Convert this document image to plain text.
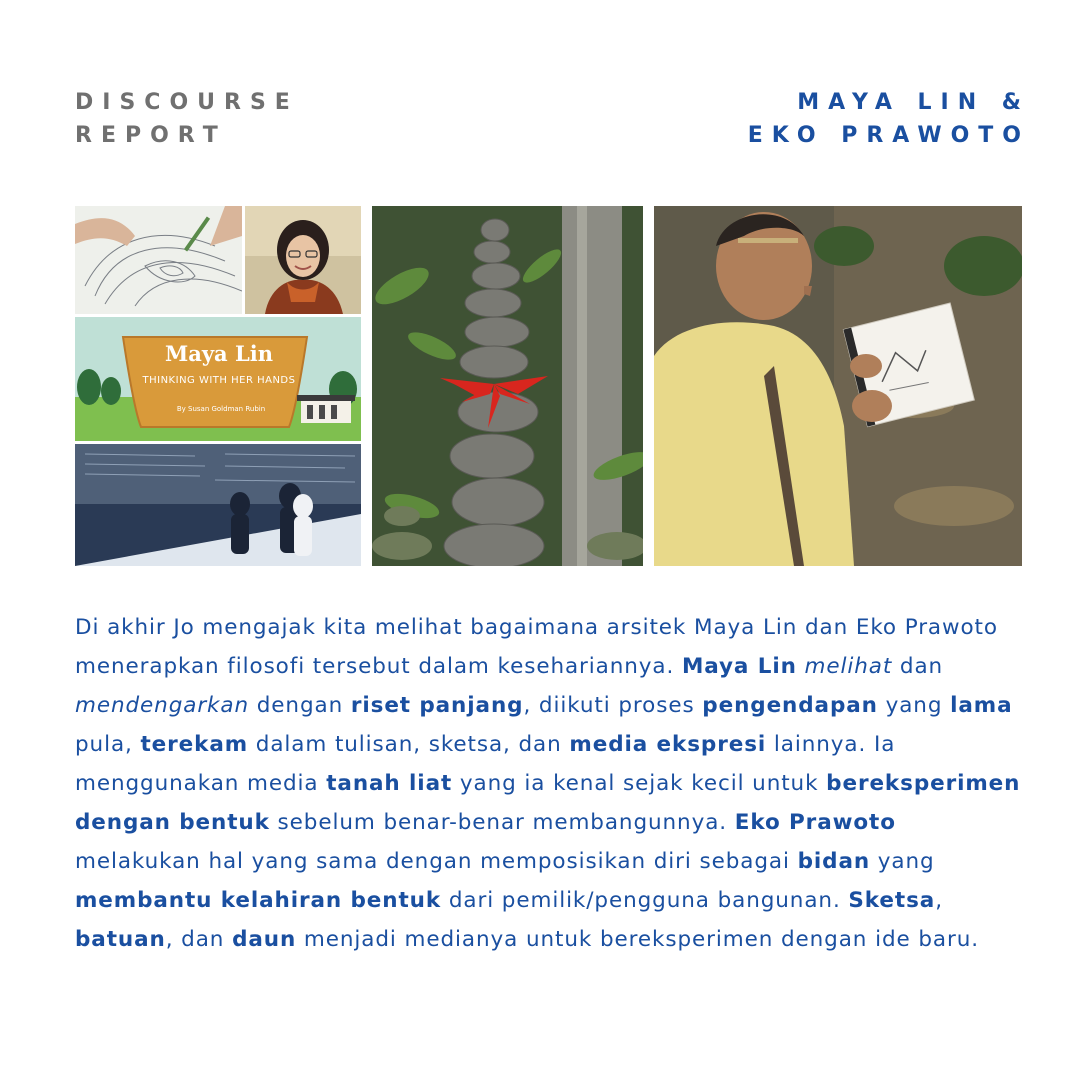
DISCOURSE
REPORT
MAYA LIN &
EKO PRAWOTO
Maya Lin
THINKING WITH HER HANDS
By Susan Goldman Rubin
Di akhir Jo mengajak kita melihat bagaimana arsitek Maya Lin dan Eko Prawoto menerapkan filosofi tersebut dalam kesehariannya. Maya Lin melihat dan mendengarkan dengan riset panjang, diikuti proses pengendapan yang lama pula, terekam dalam tulisan, sketsa, dan media ekspresi lainnya. Ia menggunakan media tanah liat yang ia kenal sejak kecil untuk bereksperimen dengan bentuk sebelum benar-benar membangunnya. Eko Prawoto melakukan hal yang sama dengan memposisikan diri sebagai bidan yang membantu kelahiran bentuk dari pemilik/pengguna bangunan. Sketsa, batuan, dan daun menjadi medianya untuk bereksperimen dengan ide baru.
